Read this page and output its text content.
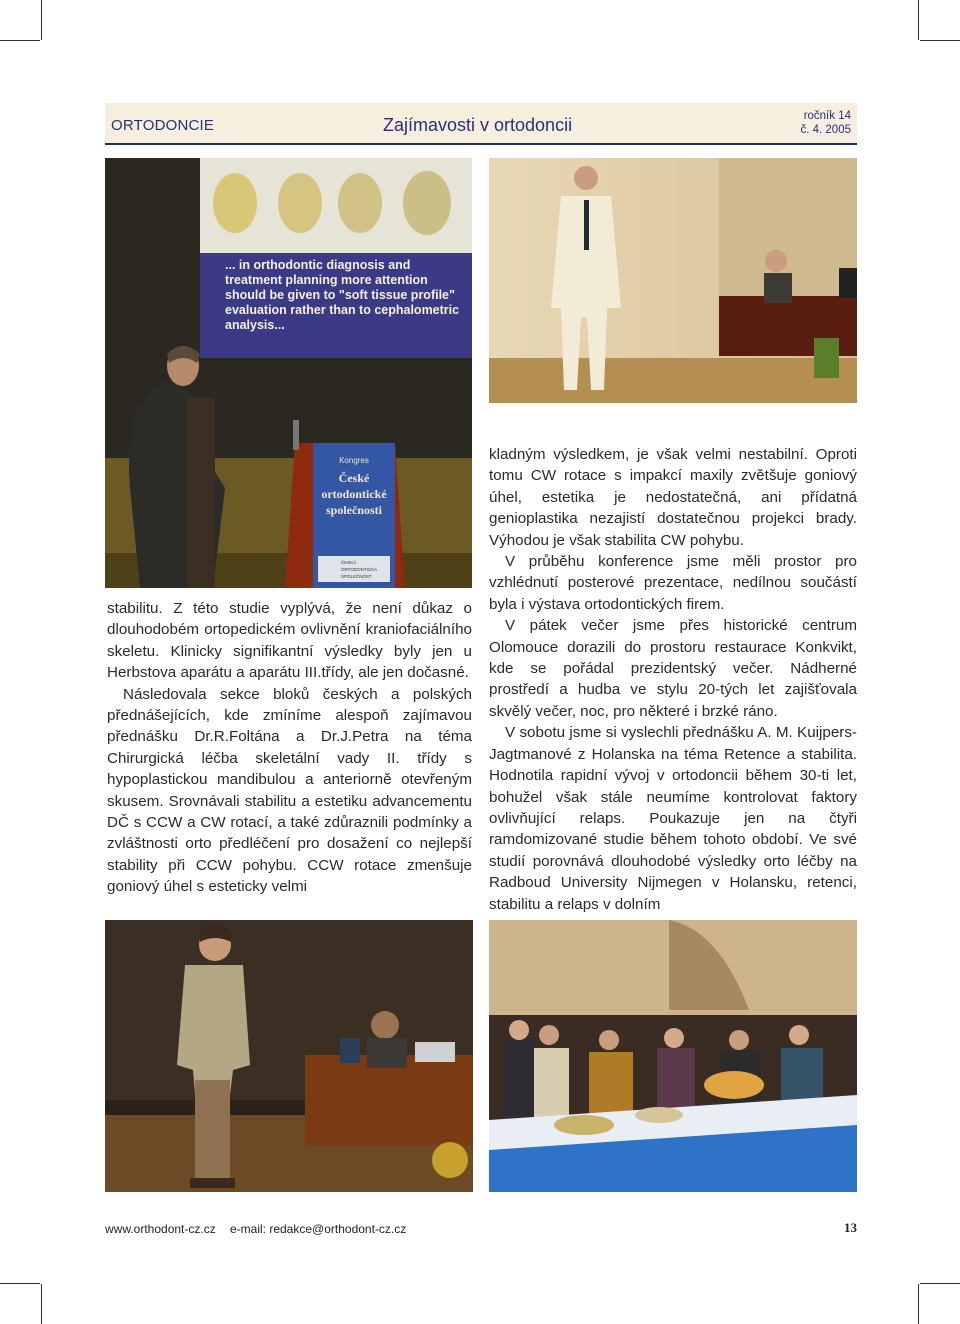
ORTODONCIE	Zajímavosti v ortodoncii	ročník 14
č. 4. 2005
... in orthodontic diagnosis and treatment planning more attention should be given to "soft tissue profile" evaluation rather than to cephalometric analysis...
Kongres
České
ortodontické
společnosti
ČESKÁ
ORTODONTICKÁ
SPOLEČNOST

stabilitu. Z této studie vyplývá, že není důkaz o dlouhodobém ortopedickém ovlivnění kraniofaciálního skeletu. Klinicky signifikantní výsledky byly jen u Herbstova aparátu a aparátu III.třídy, ale jen dočasné.

Následovala sekce bloků českých a polských přednášejících, kde zmíníme alespoň zajímavou přednášku Dr.R.Foltána a Dr.J.Petra na téma Chirurgická léčba skeletální vady II. třídy s hypoplastickou mandibulou a anteriorně otevřeným skusem. Srovnávali stabilitu a estetiku advancementu DČ s CCW a CW rotací, a také zdůraznili podmínky a zvláštnosti orto předléčení pro dosažení co nejlepší stability při CCW pohybu. CCW rotace zmenšuje goniový úhel s esteticky velmi

kladným výsledkem, je však velmi nestabilní. Oproti tomu CW rotace s impakcí maxily zvětšuje goniový úhel, estetika je nedostatečná, ani přídatná genioplastika nezajistí dostatečnou projekci brady. Výhodou je však stabilita CW pohybu.

V průběhu konference jsme měli prostor pro vzhlédnutí posterové prezentace, nedílnou součástí byla i výstava ortodontických firem.

V pátek večer jsme přes historické centrum Olomouce dorazili do prostoru restaurace Konkvikt, kde se pořádal prezidentský večer. Nádherné prostředí a hudba ve stylu 20-tých let zajišťovala skvělý večer, noc, pro některé i brzké ráno.

V sobotu jsme si vyslechli přednášku A. M. Kuijpers-Jagtmanové z Holanska na téma Retence a stabilita. Hodnotila rapidní vývoj v ortodoncii během 30-ti let, bohužel však stále neumíme kontrolovat faktory ovlivňující relaps. Poukazuje jen na čtyři ramdomizované studie během tohoto období. Ve své studií porovnává dlouhodobé výsledky orto léčby na Radboud University Nijmegen v Holansku, retenci, stabilitu a relaps v dolním

www.orthodont-cz.cz e-mail: redakce@orthodont-cz.cz	13
